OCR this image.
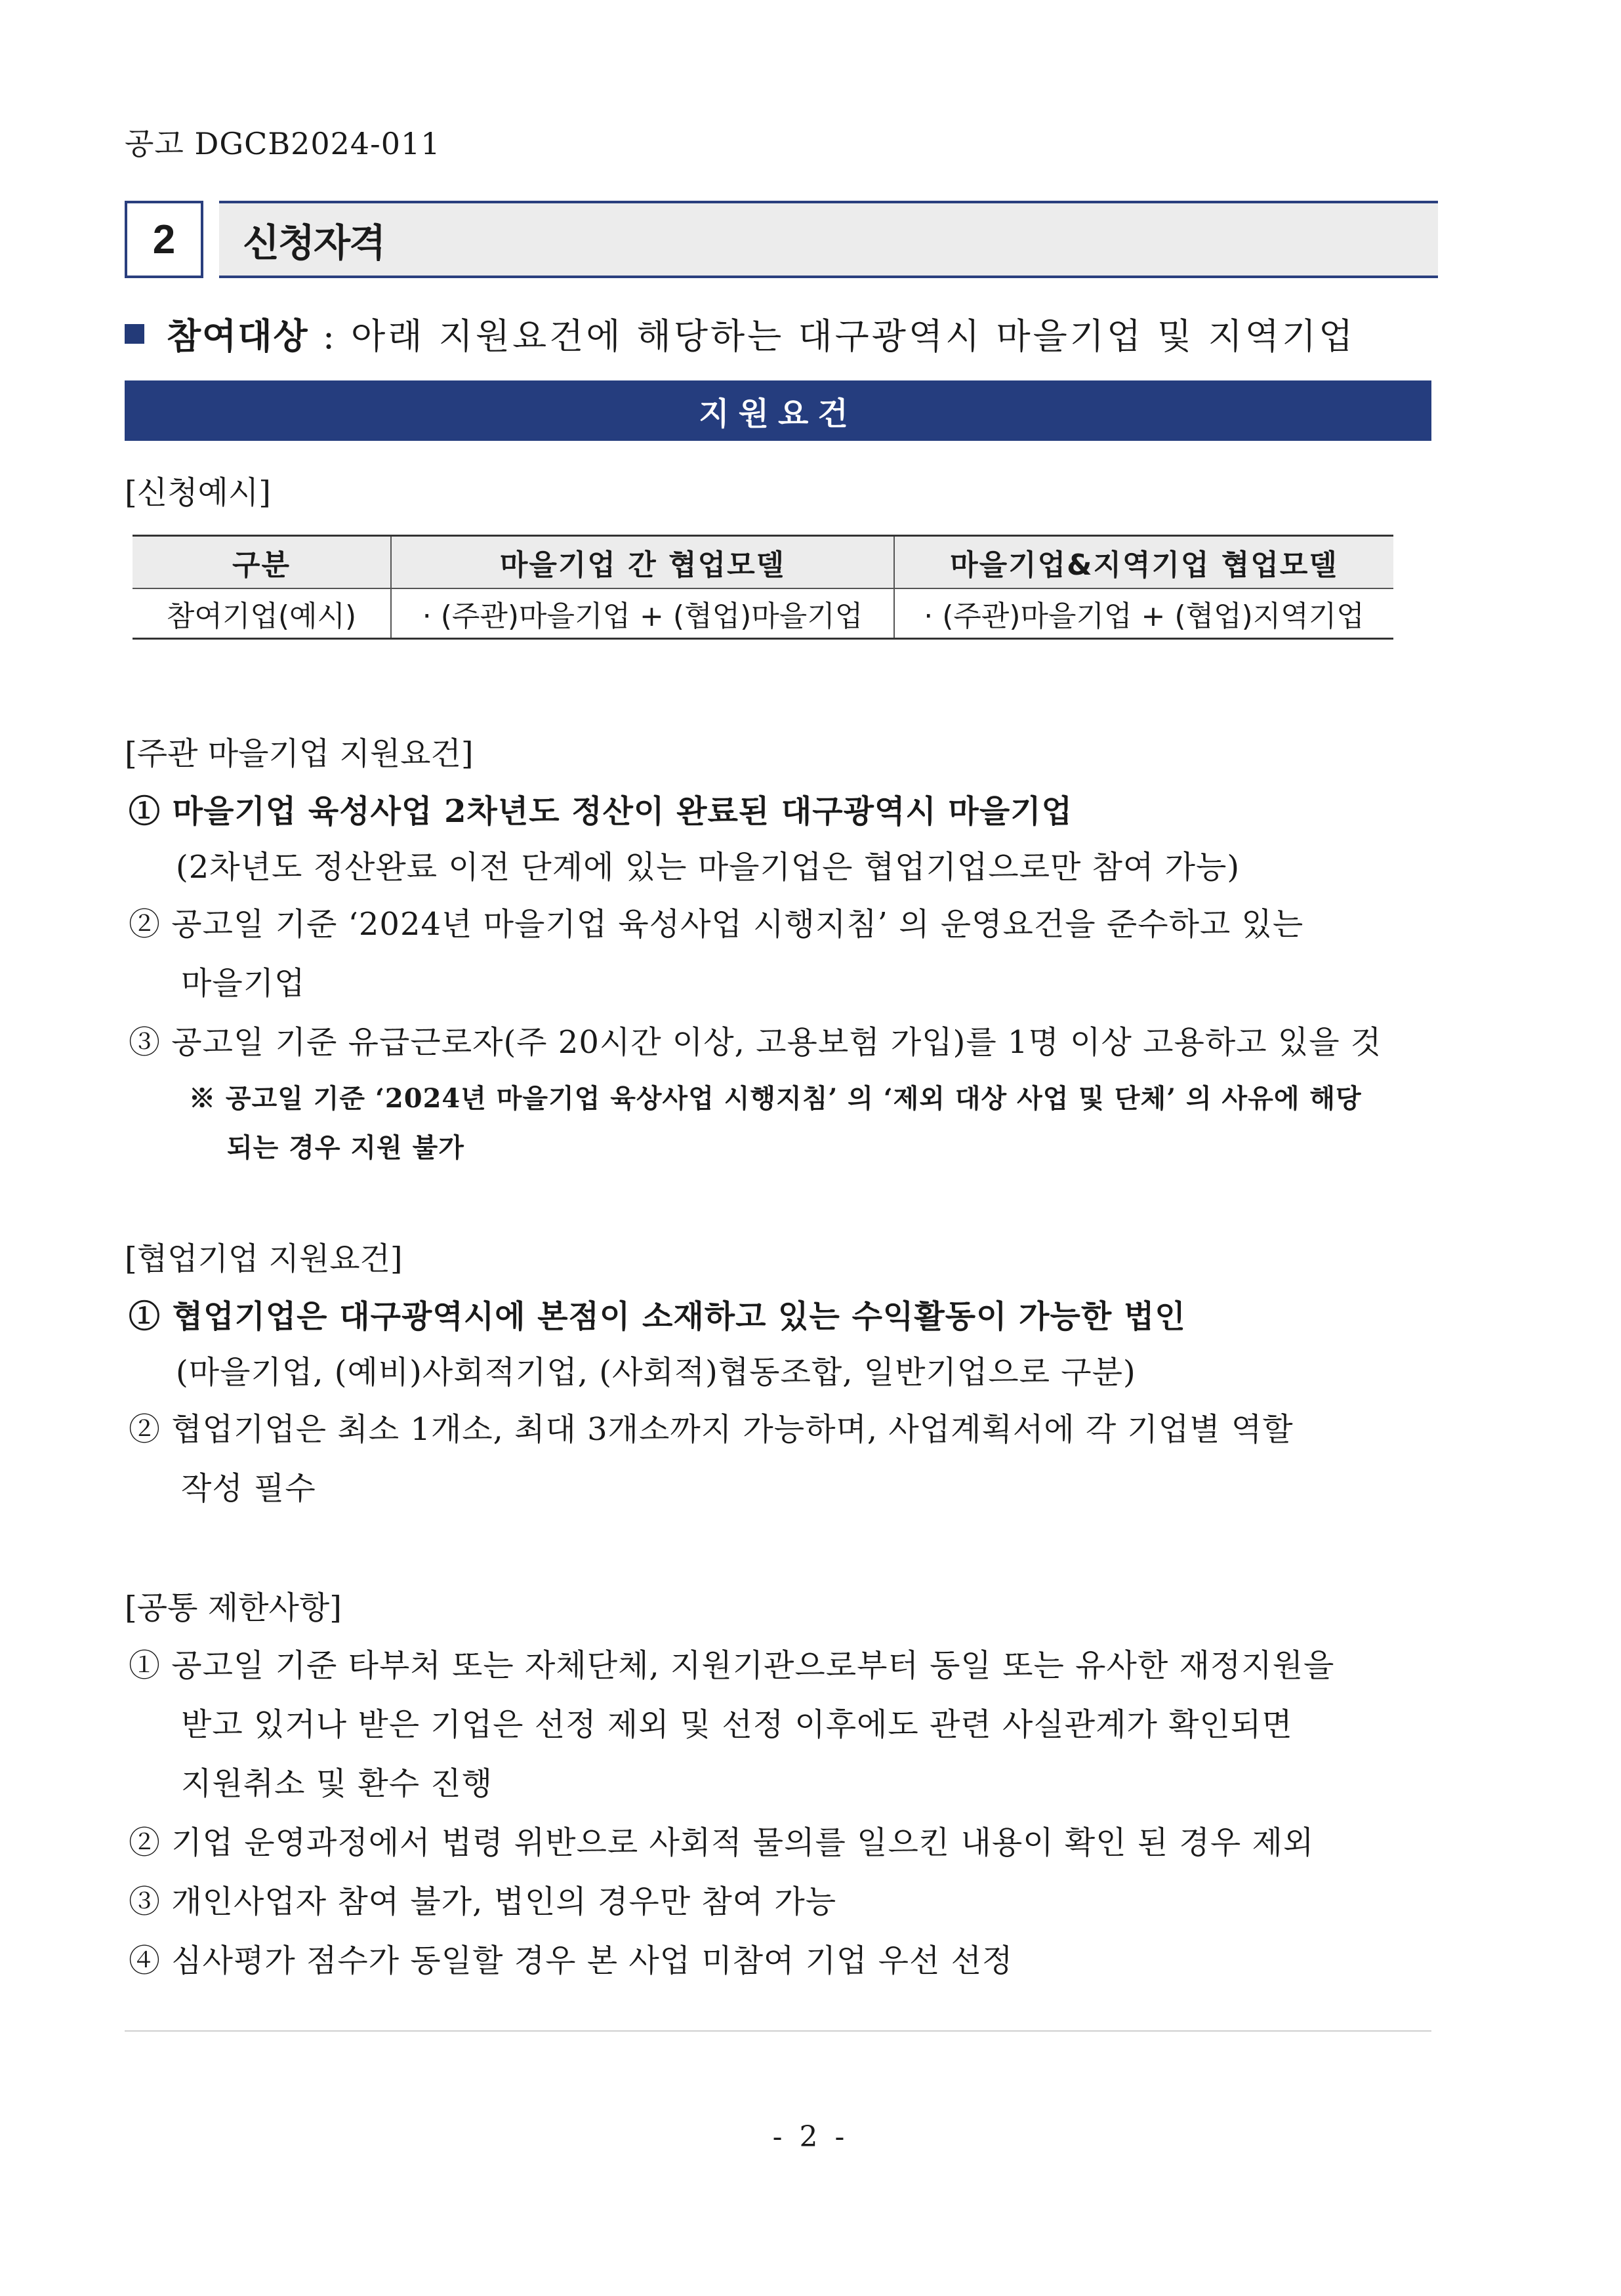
공고 DGCB2024-011
2	신청자격
참여대상 : 아래 지원요건에 해당하는 대구광역시 마을기업 및 지역기업
지원요건
[신청예시]
구분	마을기업 간 협업모델	마을기업&지역기업 협업모델
참여기업(예시)	· (주관)마을기업 + (협업)마을기업	· (주관)마을기업 + (협업)지역기업
[주관 마을기업 지원요건]
① 마을기업 육성사업 2차년도 정산이 완료된 대구광역시 마을기업
(2차년도 정산완료 이전 단계에 있는 마을기업은 협업기업으로만 참여 가능)
② 공고일 기준 ‘2024년 마을기업 육성사업 시행지침’ 의 운영요건을 준수하고 있는
마을기업
③ 공고일 기준 유급근로자(주 20시간 이상, 고용보험 가입)를 1명 이상 고용하고 있을 것
※ 공고일 기준 ‘2024년 마을기업 육상사업 시행지침’ 의 ‘제외 대상 사업 및 단체’ 의 사유에 해당
되는 경우 지원 불가
[협업기업 지원요건]
① 협업기업은 대구광역시에 본점이 소재하고 있는 수익활동이 가능한 법인
(마을기업, (예비)사회적기업, (사회적)협동조합, 일반기업으로 구분)
② 협업기업은 최소 1개소, 최대 3개소까지 가능하며, 사업계획서에 각 기업별 역할
작성 필수
[공통 제한사항]
① 공고일 기준 타부처 또는 자체단체, 지원기관으로부터 동일 또는 유사한 재정지원을
받고 있거나 받은 기업은 선정 제외 및 선정 이후에도 관련 사실관계가 확인되면
지원취소 및 환수 진행
② 기업 운영과정에서 법령 위반으로 사회적 물의를 일으킨 내용이 확인 된 경우 제외
③ 개인사업자 참여 불가, 법인의 경우만 참여 가능
④ 심사평가 점수가 동일할 경우 본 사업 미참여 기업 우선 선정
- 2 -
